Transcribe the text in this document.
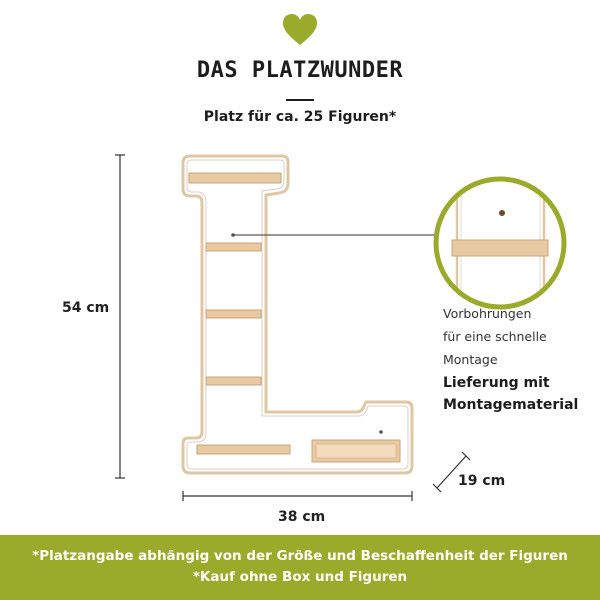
DAS PLATZWUNDER
Platz für ca. 25 Figuren*
54 cm
38 cm
19 cm
Vorbohrungen
für eine schnelle
Montage
Lieferung mit
Montagematerial
*Platzangabe abhängig von der Größe und Beschaffenheit der Figuren
*Kauf ohne Box und Figuren
